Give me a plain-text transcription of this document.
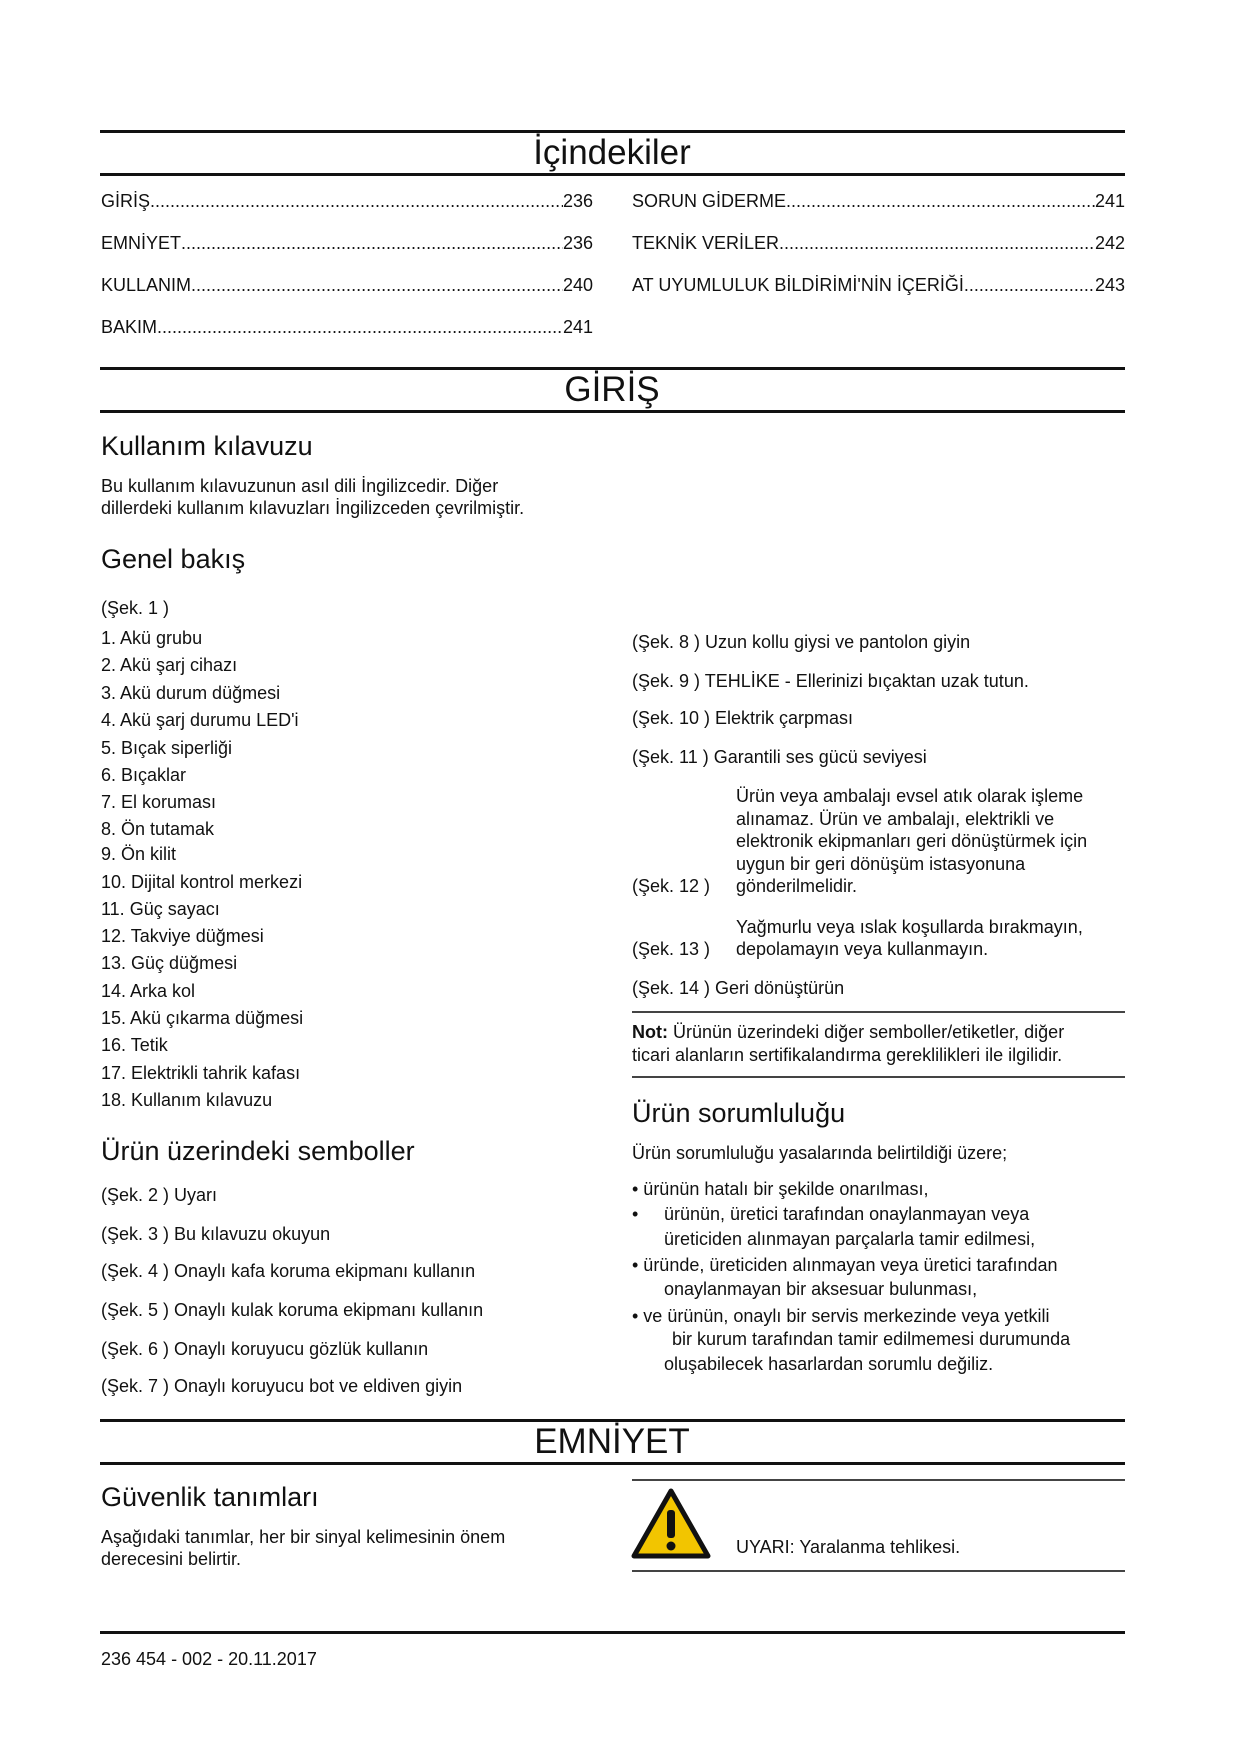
İçindekiler
GİRİŞ .....	236
EMNİYET .....	236
KULLANIM .....	240
BAKIM .....	241
SORUN GİDERME .....	241
TEKNİK VERİLER .....	242
AT UYUMLULUK BİLDİRİMİ'NİN İÇERİĞİ .....	243
GİRİŞ
Kullanım kılavuzu
Bu kullanım kılavuzunun asıl dili İngilizcedir. Diğer
dillerdeki kullanım kılavuzları İngilizceden çevrilmiştir.
Genel bakış
(Şek. 1 )
1. Akü grubu
2. Akü şarj cihazı
3. Akü durum düğmesi
4. Akü şarj durumu LED'i
5. Bıçak siperliği
6. Bıçaklar
7. El koruması
8. Ön tutamak
9. Ön kilit
10. Dijital kontrol merkezi
11. Güç sayacı
12. Takviye düğmesi
13. Güç düğmesi
14. Arka kol
15. Akü çıkarma düğmesi
16. Tetik
17. Elektrikli tahrik kafası
18. Kullanım kılavuzu
Ürün üzerindeki semboller
(Şek. 2 ) Uyarı
(Şek. 3 ) Bu kılavuzu okuyun
(Şek. 4 ) Onaylı kafa koruma ekipmanı kullanın
(Şek. 5 ) Onaylı kulak koruma ekipmanı kullanın
(Şek. 6 ) Onaylı koruyucu gözlük kullanın
(Şek. 7 ) Onaylı koruyucu bot ve eldiven giyin
(Şek. 8 ) Uzun kollu giysi ve pantolon giyin
(Şek. 9 ) TEHLİKE - Ellerinizi bıçaktan uzak tutun.
(Şek. 10 ) Elektrik çarpması
(Şek. 11 ) Garantili ses gücü seviyesi
(Şek. 12 )
Ürün veya ambalajı evsel atık olarak işleme
alınamaz. Ürün ve ambalajı, elektrikli ve
elektronik ekipmanları geri dönüştürmek için
uygun bir geri dönüşüm istasyonuna
gönderilmelidir.
(Şek. 13 )
Yağmurlu veya ıslak koşullarda bırakmayın,
depolamayın veya kullanmayın.
(Şek. 14 ) Geri dönüştürün
Not: Ürünün üzerindeki diğer semboller/etiketler, diğer
ticari alanların sertifikalandırma gereklilikleri ile ilgilidir.
Ürün sorumluluğu
Ürün sorumluluğu yasalarında belirtildiği üzere;
• ürünün hatalı bir şekilde onarılması,
• ürünün, üretici tarafından onaylanmayan veya
üreticiden alınmayan parçalarla tamir edilmesi,
• üründe, üreticiden alınmayan veya üretici tarafından
onaylanmayan bir aksesuar bulunması,
• ve ürünün, onaylı bir servis merkezinde veya yetkili
bir kurum tarafından tamir edilmemesi durumunda
oluşabilecek hasarlardan sorumlu değiliz.
EMNİYET
Güvenlik tanımları
Aşağıdaki tanımlar, her bir sinyal kelimesinin önem
derecesini belirtir.
UYARI: Yaralanma tehlikesi.
236 454 - 002 - 20.11.2017
